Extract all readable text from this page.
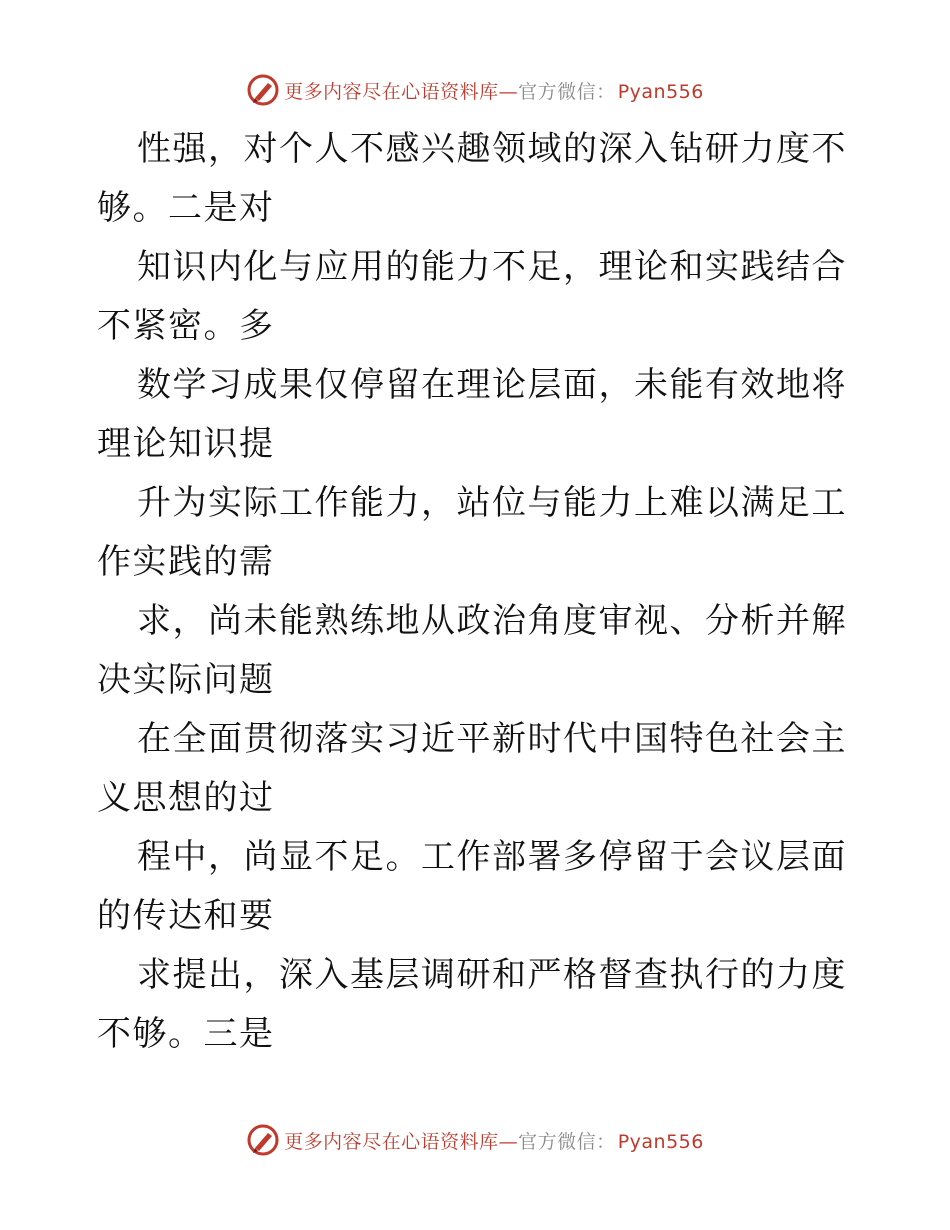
更多内容尽在心语资料库—官方微信： Pyan556

性强，对个人不感兴趣领域的深入钻研力度不够。二是对

知识内化与应用的能力不足，理论和实践结合不紧密。多

数学习成果仅停留在理论层面，未能有效地将理论知识提

升为实际工作能力，站位与能力上难以满足工作实践的需

求，尚未能熟练地从政治角度审视、分析并解决实际问题

在全面贯彻落实习近平新时代中国特色社会主义思想的过

程中，尚显不足。工作部署多停留于会议层面的传达和要

求提出，深入基层调研和严格督查执行的力度不够。三是

更多内容尽在心语资料库—官方微信： Pyan556
